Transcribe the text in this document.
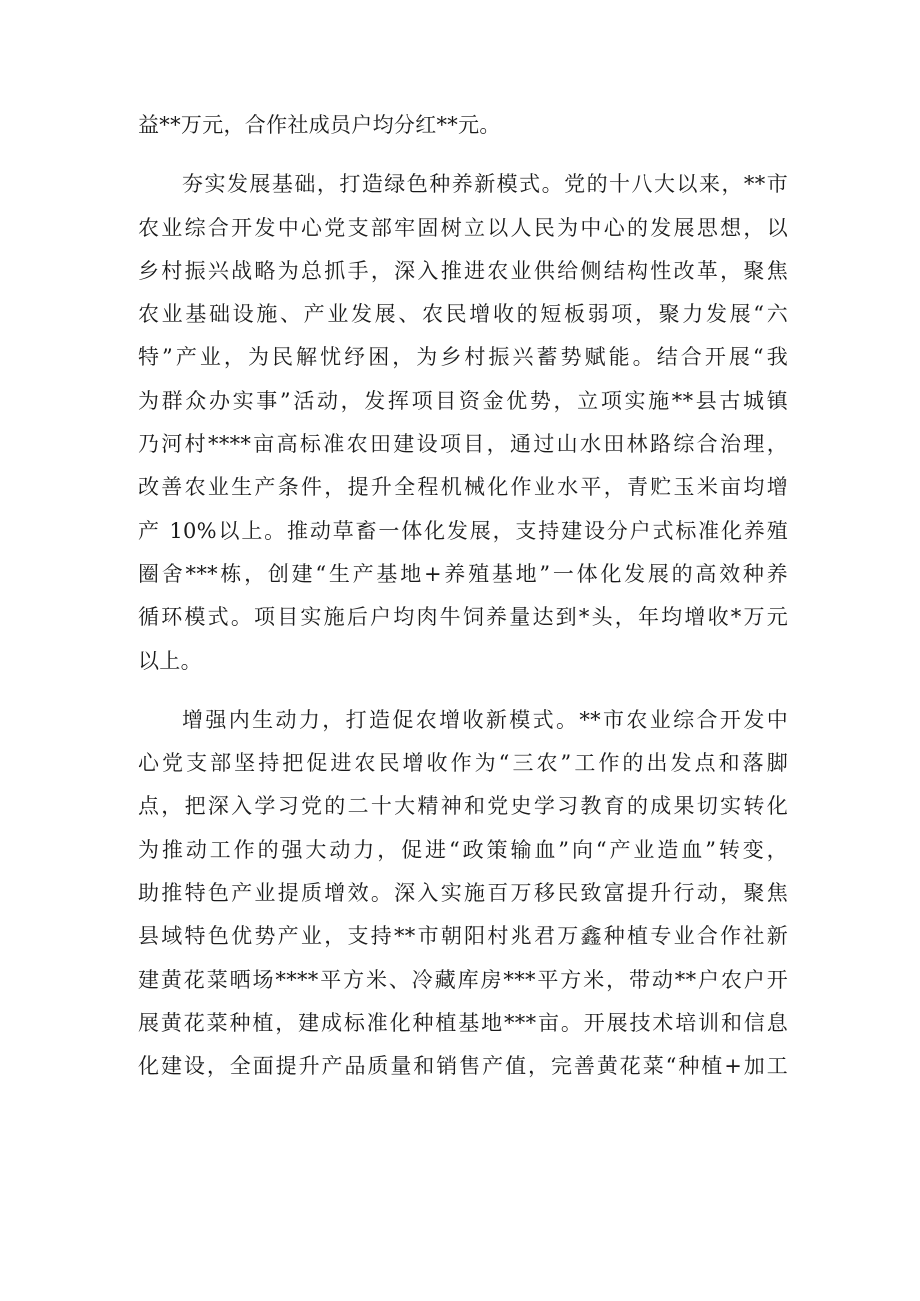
益**万元，合作社成员户均分红**元。
夯实发展基础，打造绿色种养新模式。党的十八大以来，**市
农业综合开发中心党支部牢固树立以人民为中心的发展思想，以
乡村振兴战略为总抓手，深入推进农业供给侧结构性改革，聚焦
农业基础设施、产业发展、农民增收的短板弱项，聚力发展“六
特”产业，为民解忧纾困，为乡村振兴蓄势赋能。结合开展“我
为群众办实事”活动，发挥项目资金优势，立项实施**县古城镇
乃河村****亩高标准农田建设项目，通过山水田林路综合治理，
改善农业生产条件，提升全程机械化作业水平，青贮玉米亩均增
产 10%以上。推动草畜一体化发展，支持建设分户式标准化养殖
圈舍***栋，创建“生产基地+养殖基地”一体化发展的高效种养
循环模式。项目实施后户均肉牛饲养量达到*头，年均增收*万元
以上。
增强内生动力，打造促农增收新模式。**市农业综合开发中
心党支部坚持把促进农民增收作为“三农”工作的出发点和落脚
点，把深入学习党的二十大精神和党史学习教育的成果切实转化
为推动工作的强大动力，促进“政策输血”向“产业造血”转变，
助推特色产业提质增效。深入实施百万移民致富提升行动，聚焦
县域特色优势产业，支持**市朝阳村兆君万鑫种植专业合作社新
建黄花菜晒场****平方米、冷藏库房***平方米，带动**户农户开
展黄花菜种植，建成标准化种植基地***亩。开展技术培训和信息
化建设，全面提升产品质量和销售产值，完善黄花菜“种植+加工
